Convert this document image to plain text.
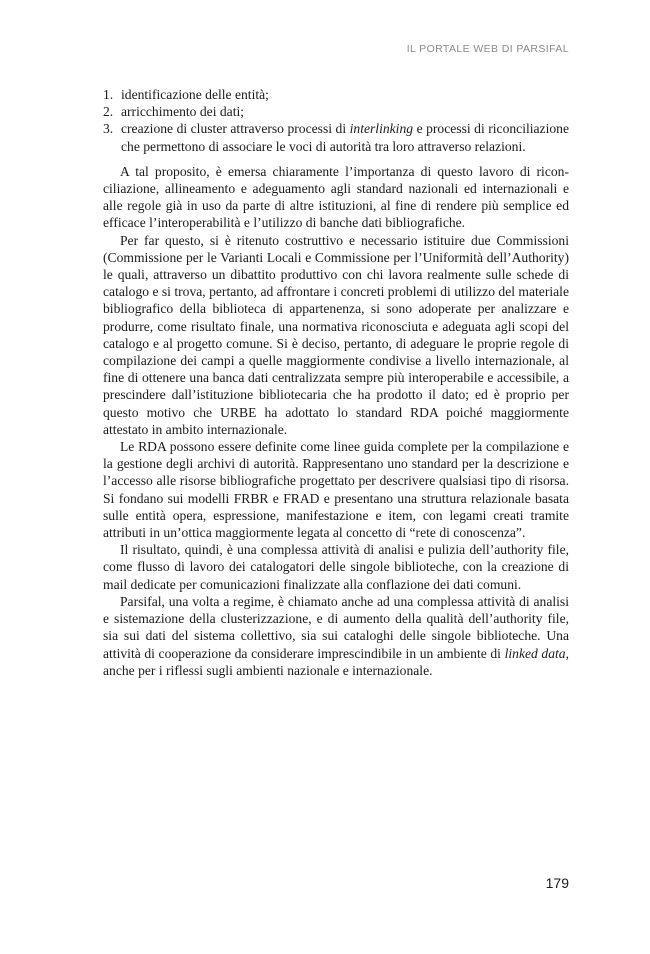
IL PORTALE WEB DI PARSIFAL
1. identificazione delle entità;
2. arricchimento dei dati;
3. creazione di cluster attraverso processi di interlinking e processi di riconciliazione che permettono di associare le voci di autorità tra loro attraverso relazioni.

A tal proposito, è emersa chiaramente l’importanza di questo lavoro di riconciliazione, allineamento e adeguamento agli standard nazionali ed internazionali e alle regole già in uso da parte di altre istituzioni, al fine di rendere più semplice ed efficace l’interoperabilità e l’utilizzo di banche dati bibliografiche.

Per far questo, si è ritenuto costruttivo e necessario istituire due Commissioni (Commissione per le Varianti Locali e Commissione per l’Uniformità dell’Authority) le quali, attraverso un dibattito produttivo con chi lavora realmente sulle schede di catalogo e si trova, pertanto, ad affrontare i concreti problemi di utilizzo del materiale bibliografico della biblioteca di appartenenza, si sono adoperate per analizzare e produrre, come risultato finale, una normativa riconosciuta e adeguata agli scopi del catalogo e al progetto comune. Si è deciso, pertanto, di adeguare le proprie regole di compilazione dei campi a quelle maggiormente condivise a livello internazionale, al fine di ottenere una banca dati centralizzata sempre più interoperabile e accessibile, a prescindere dall’istituzione bibliotecaria che ha prodotto il dato; ed è proprio per questo motivo che URBE ha adottato lo standard RDA poiché maggiormente attestato in ambito internazionale.

Le RDA possono essere definite come linee guida complete per la compilazione e la gestione degli archivi di autorità. Rappresentano uno standard per la descrizione e l’accesso alle risorse bibliografiche progettato per descrivere qualsiasi tipo di risorsa. Si fondano sui modelli FRBR e FRAD e presentano una struttura relazionale basata sulle entità opera, espressione, manifestazione e item, con legami creati tramite attributi in un’ottica maggiormente legata al concetto di “rete di conoscenza”.

Il risultato, quindi, è una complessa attività di analisi e pulizia dell’authority file, come flusso di lavoro dei catalogatori delle singole biblioteche, con la creazione di mail dedicate per comunicazioni finalizzate alla conflazione dei dati comuni.

Parsifal, una volta a regime, è chiamato anche ad una complessa attività di analisi e sistemazione della clusterizzazione, e di aumento della qualità dell’authority file, sia sui dati del sistema collettivo, sia sui cataloghi delle singole biblioteche. Una attività di cooperazione da considerare imprescindibile in un ambiente di linked data, anche per i riflessi sugli ambienti nazionale e internazionale.

179
